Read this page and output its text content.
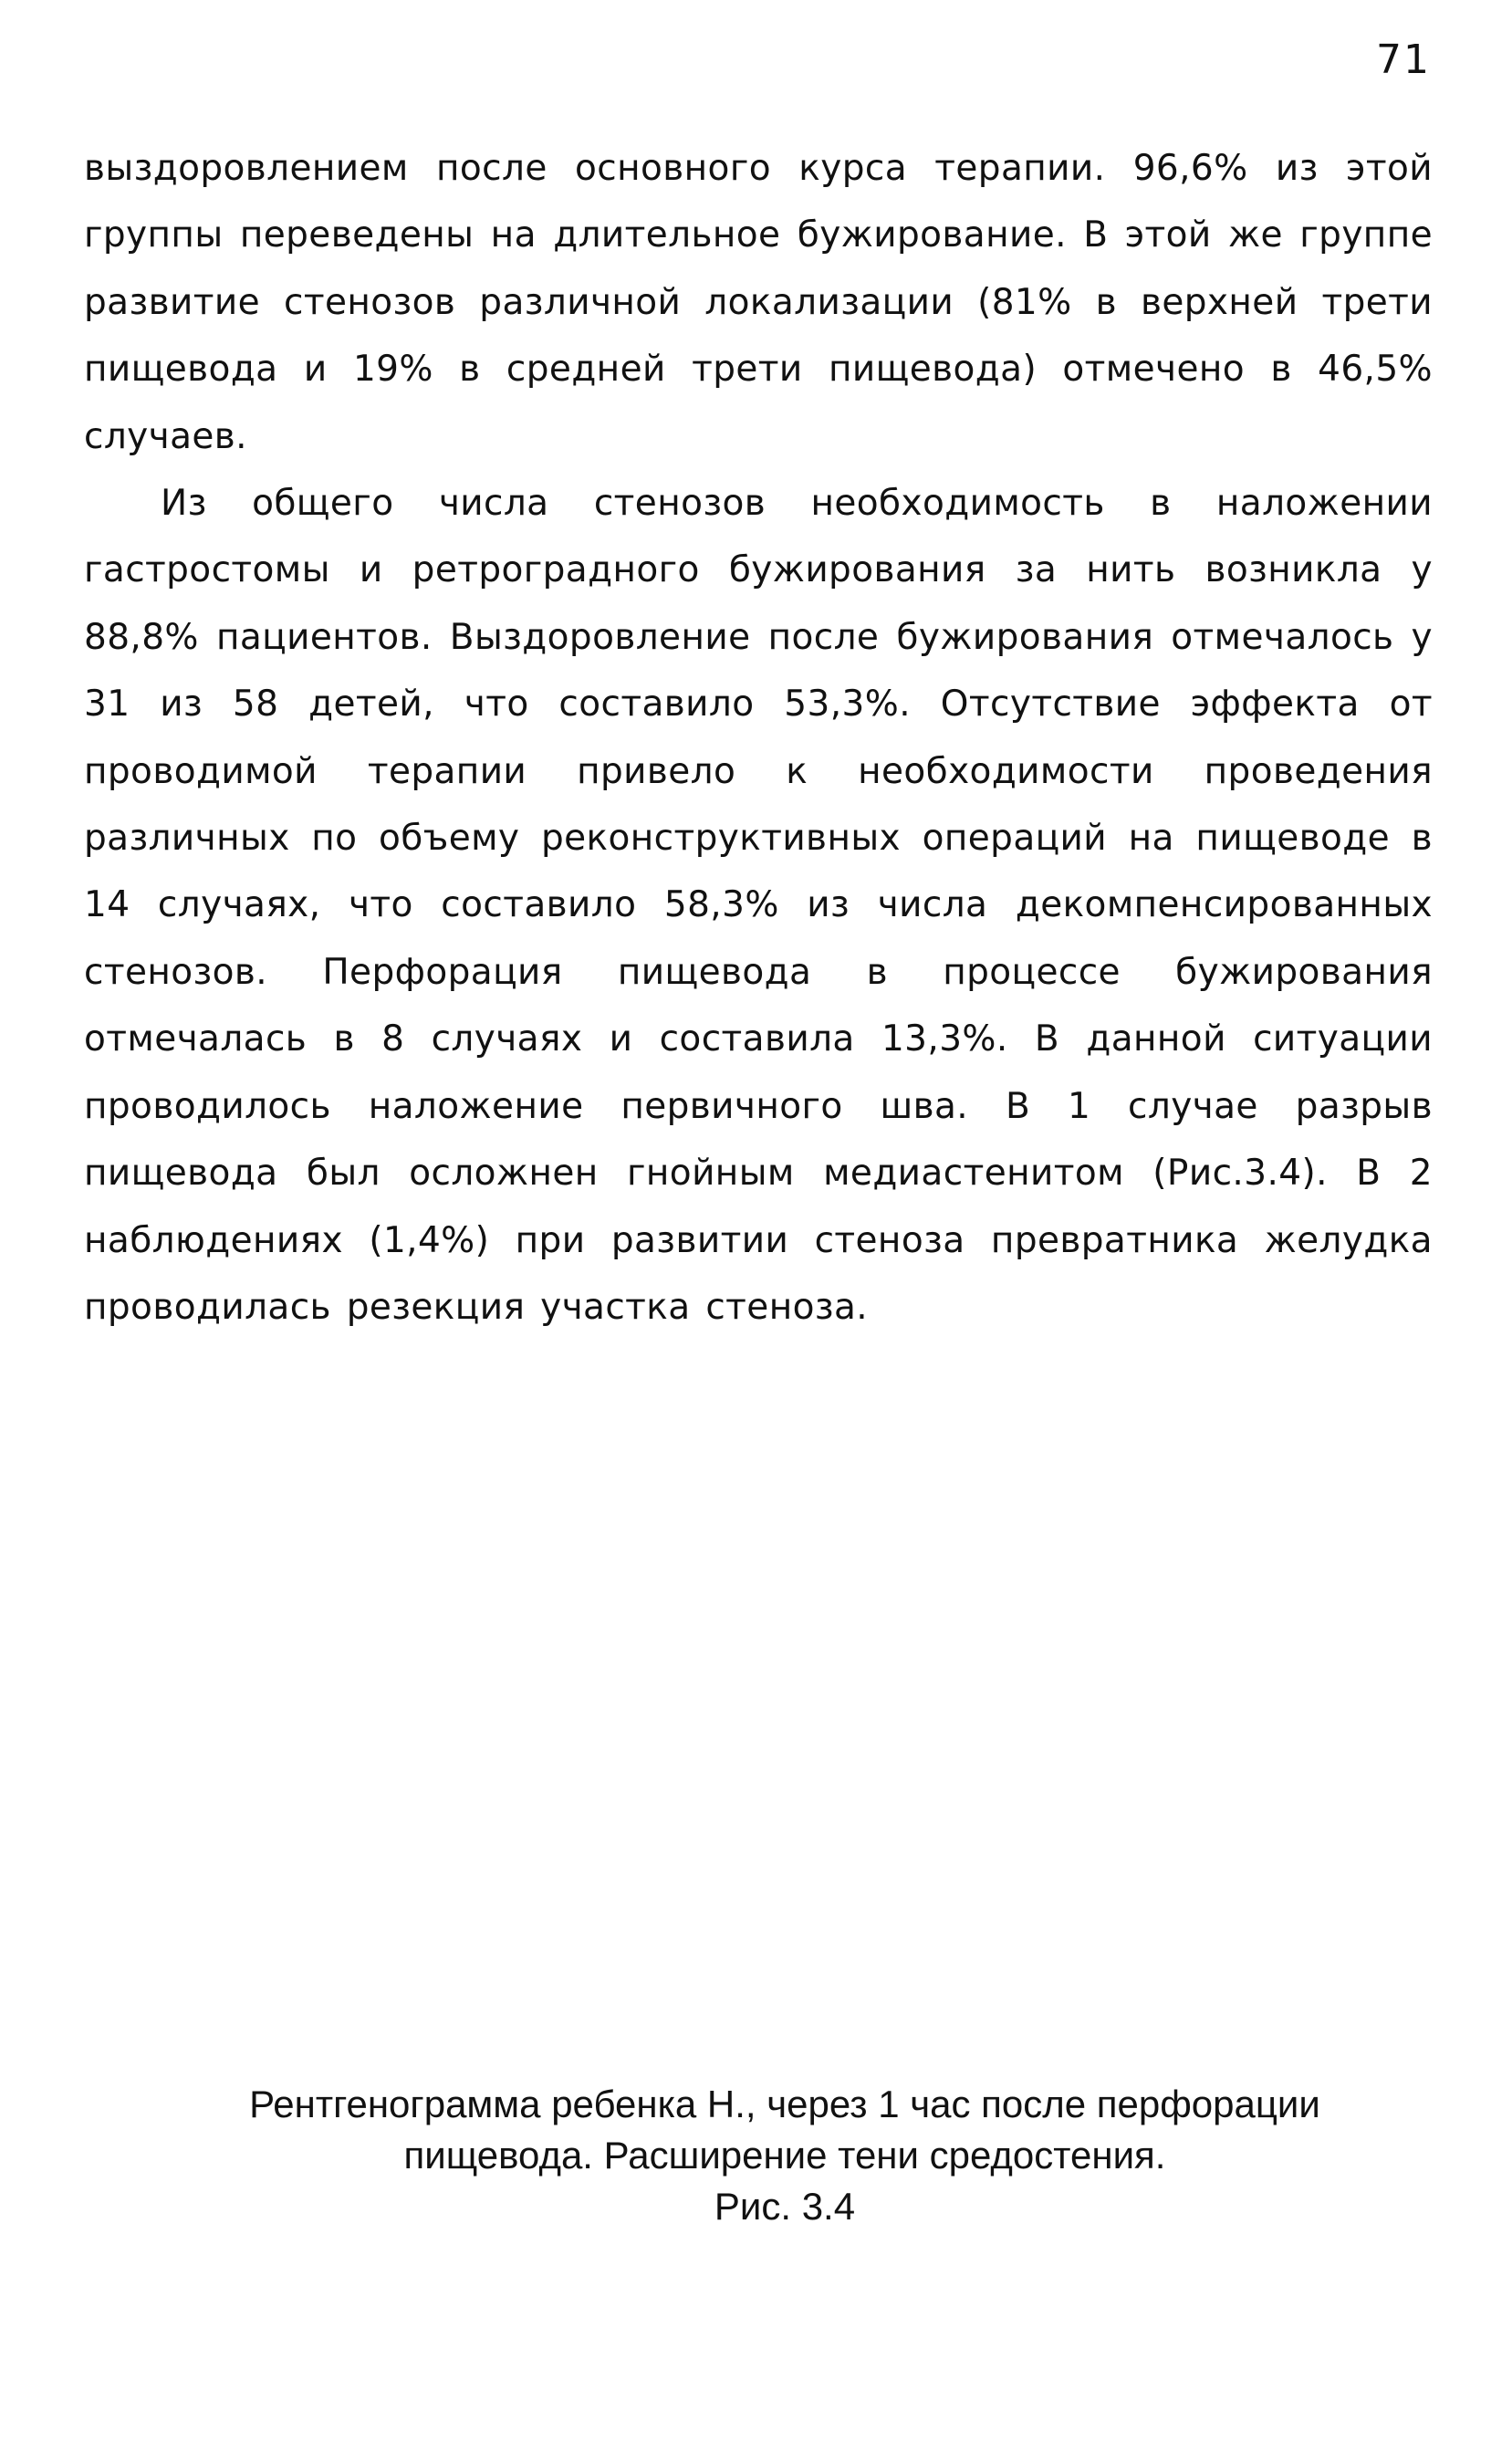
71

выздоровлением после основного курса терапии. 96,6% из этой группы переведены на длительное бужирование. В этой же группе развитие стенозов различной локализации (81% в верхней трети пищевода и 19% в средней трети пищевода) отмечено в 46,5% случаев.

Из общего числа стенозов необходимость в наложении гастростомы и ретроградного бужирования за нить возникла у 88,8% пациентов. Выздоровление после бужирования отмечалось у 31 из 58 детей, что составило 53,3%. Отсутствие эффекта от проводимой терапии привело к необходимости проведения различных по объему реконструктивных операций на пищеводе в 14 случаях, что составило 58,3% из числа декомпенсированных стенозов. Перфорация пищевода в процессе бужирования отмечалась в 8 случаях и составила 13,3%. В данной ситуации проводилось наложение первичного шва. В 1 случае разрыв пищевода был осложнен гнойным медиастенитом (Рис.3.4). В 2 наблюдениях (1,4%) при развитии стеноза превратника желудка проводилась резекция участка стеноза.

Рентгенограмма ребенка Н., через 1 час после перфорации
пищевода. Расширение тени средостения.
Рис. 3.4
